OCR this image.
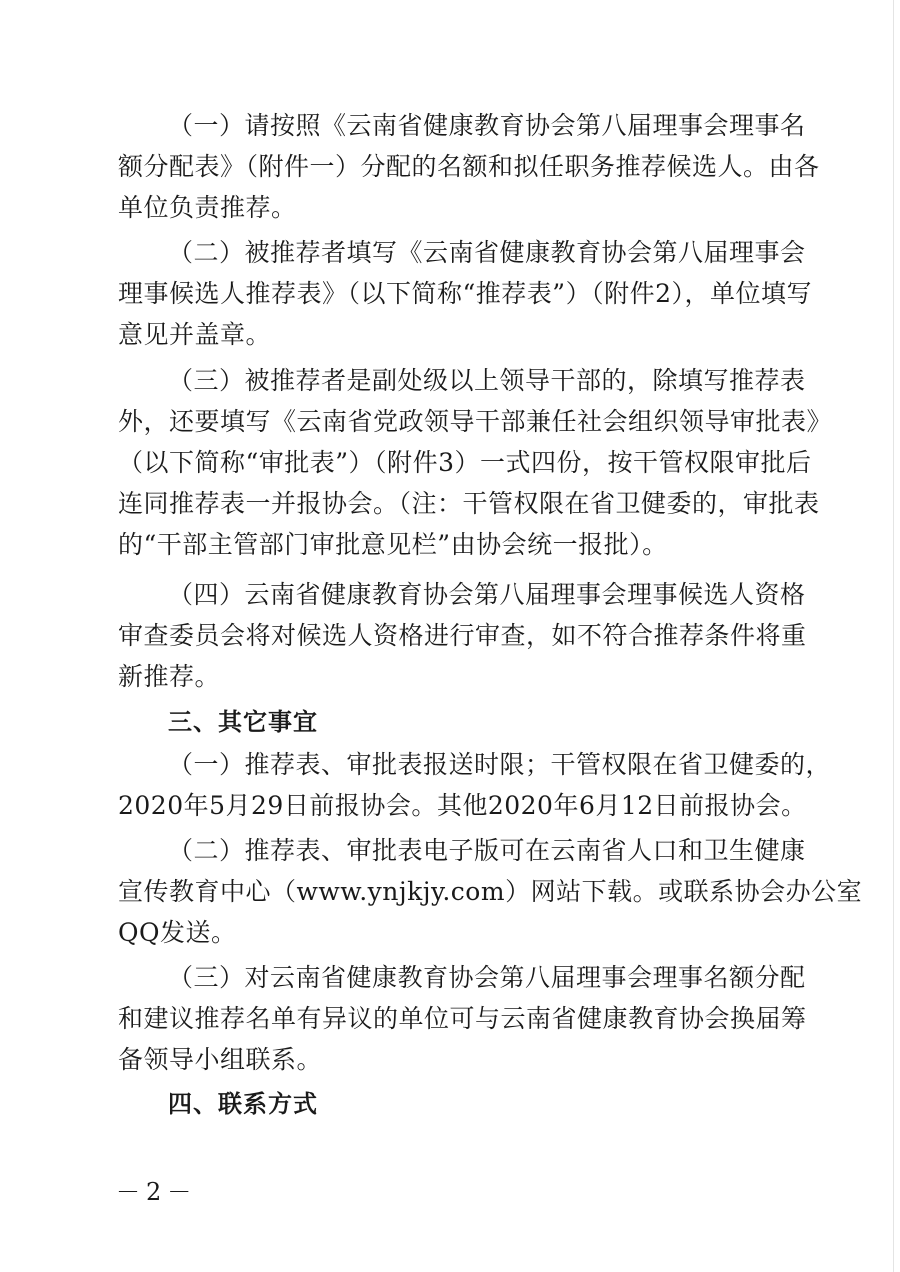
（一）请按照《云南省健康教育协会第八届理事会理事名
额分配表》（附件一）分配的名额和拟任职务推荐候选人。由各
单位负责推荐。
（二）被推荐者填写《云南省健康教育协会第八届理事会
理事候选人推荐表》（以下简称“推荐表”）（附件2），单位填写
意见并盖章。
（三）被推荐者是副处级以上领导干部的，除填写推荐表
外，还要填写《云南省党政领导干部兼任社会组织领导审批表》
（以下简称“审批表”）（附件3）一式四份，按干管权限审批后
连同推荐表一并报协会。（注：干管权限在省卫健委的，审批表
的“干部主管部门审批意见栏”由协会统一报批）。
（四）云南省健康教育协会第八届理事会理事候选人资格
审查委员会将对候选人资格进行审查，如不符合推荐条件将重
新推荐。
三、其它事宜
（一）推荐表、审批表报送时限；干管权限在省卫健委的，
2020年5月29日前报协会。其他2020年6月12日前报协会。
（二）推荐表、审批表电子版可在云南省人口和卫生健康
宣传教育中心（www.ynjkjy.com）网站下载。或联系协会办公室
QQ发送。
（三）对云南省健康教育协会第八届理事会理事名额分配
和建议推荐名单有异议的单位可与云南省健康教育协会换届筹
备领导小组联系。
四、联系方式
－2－
